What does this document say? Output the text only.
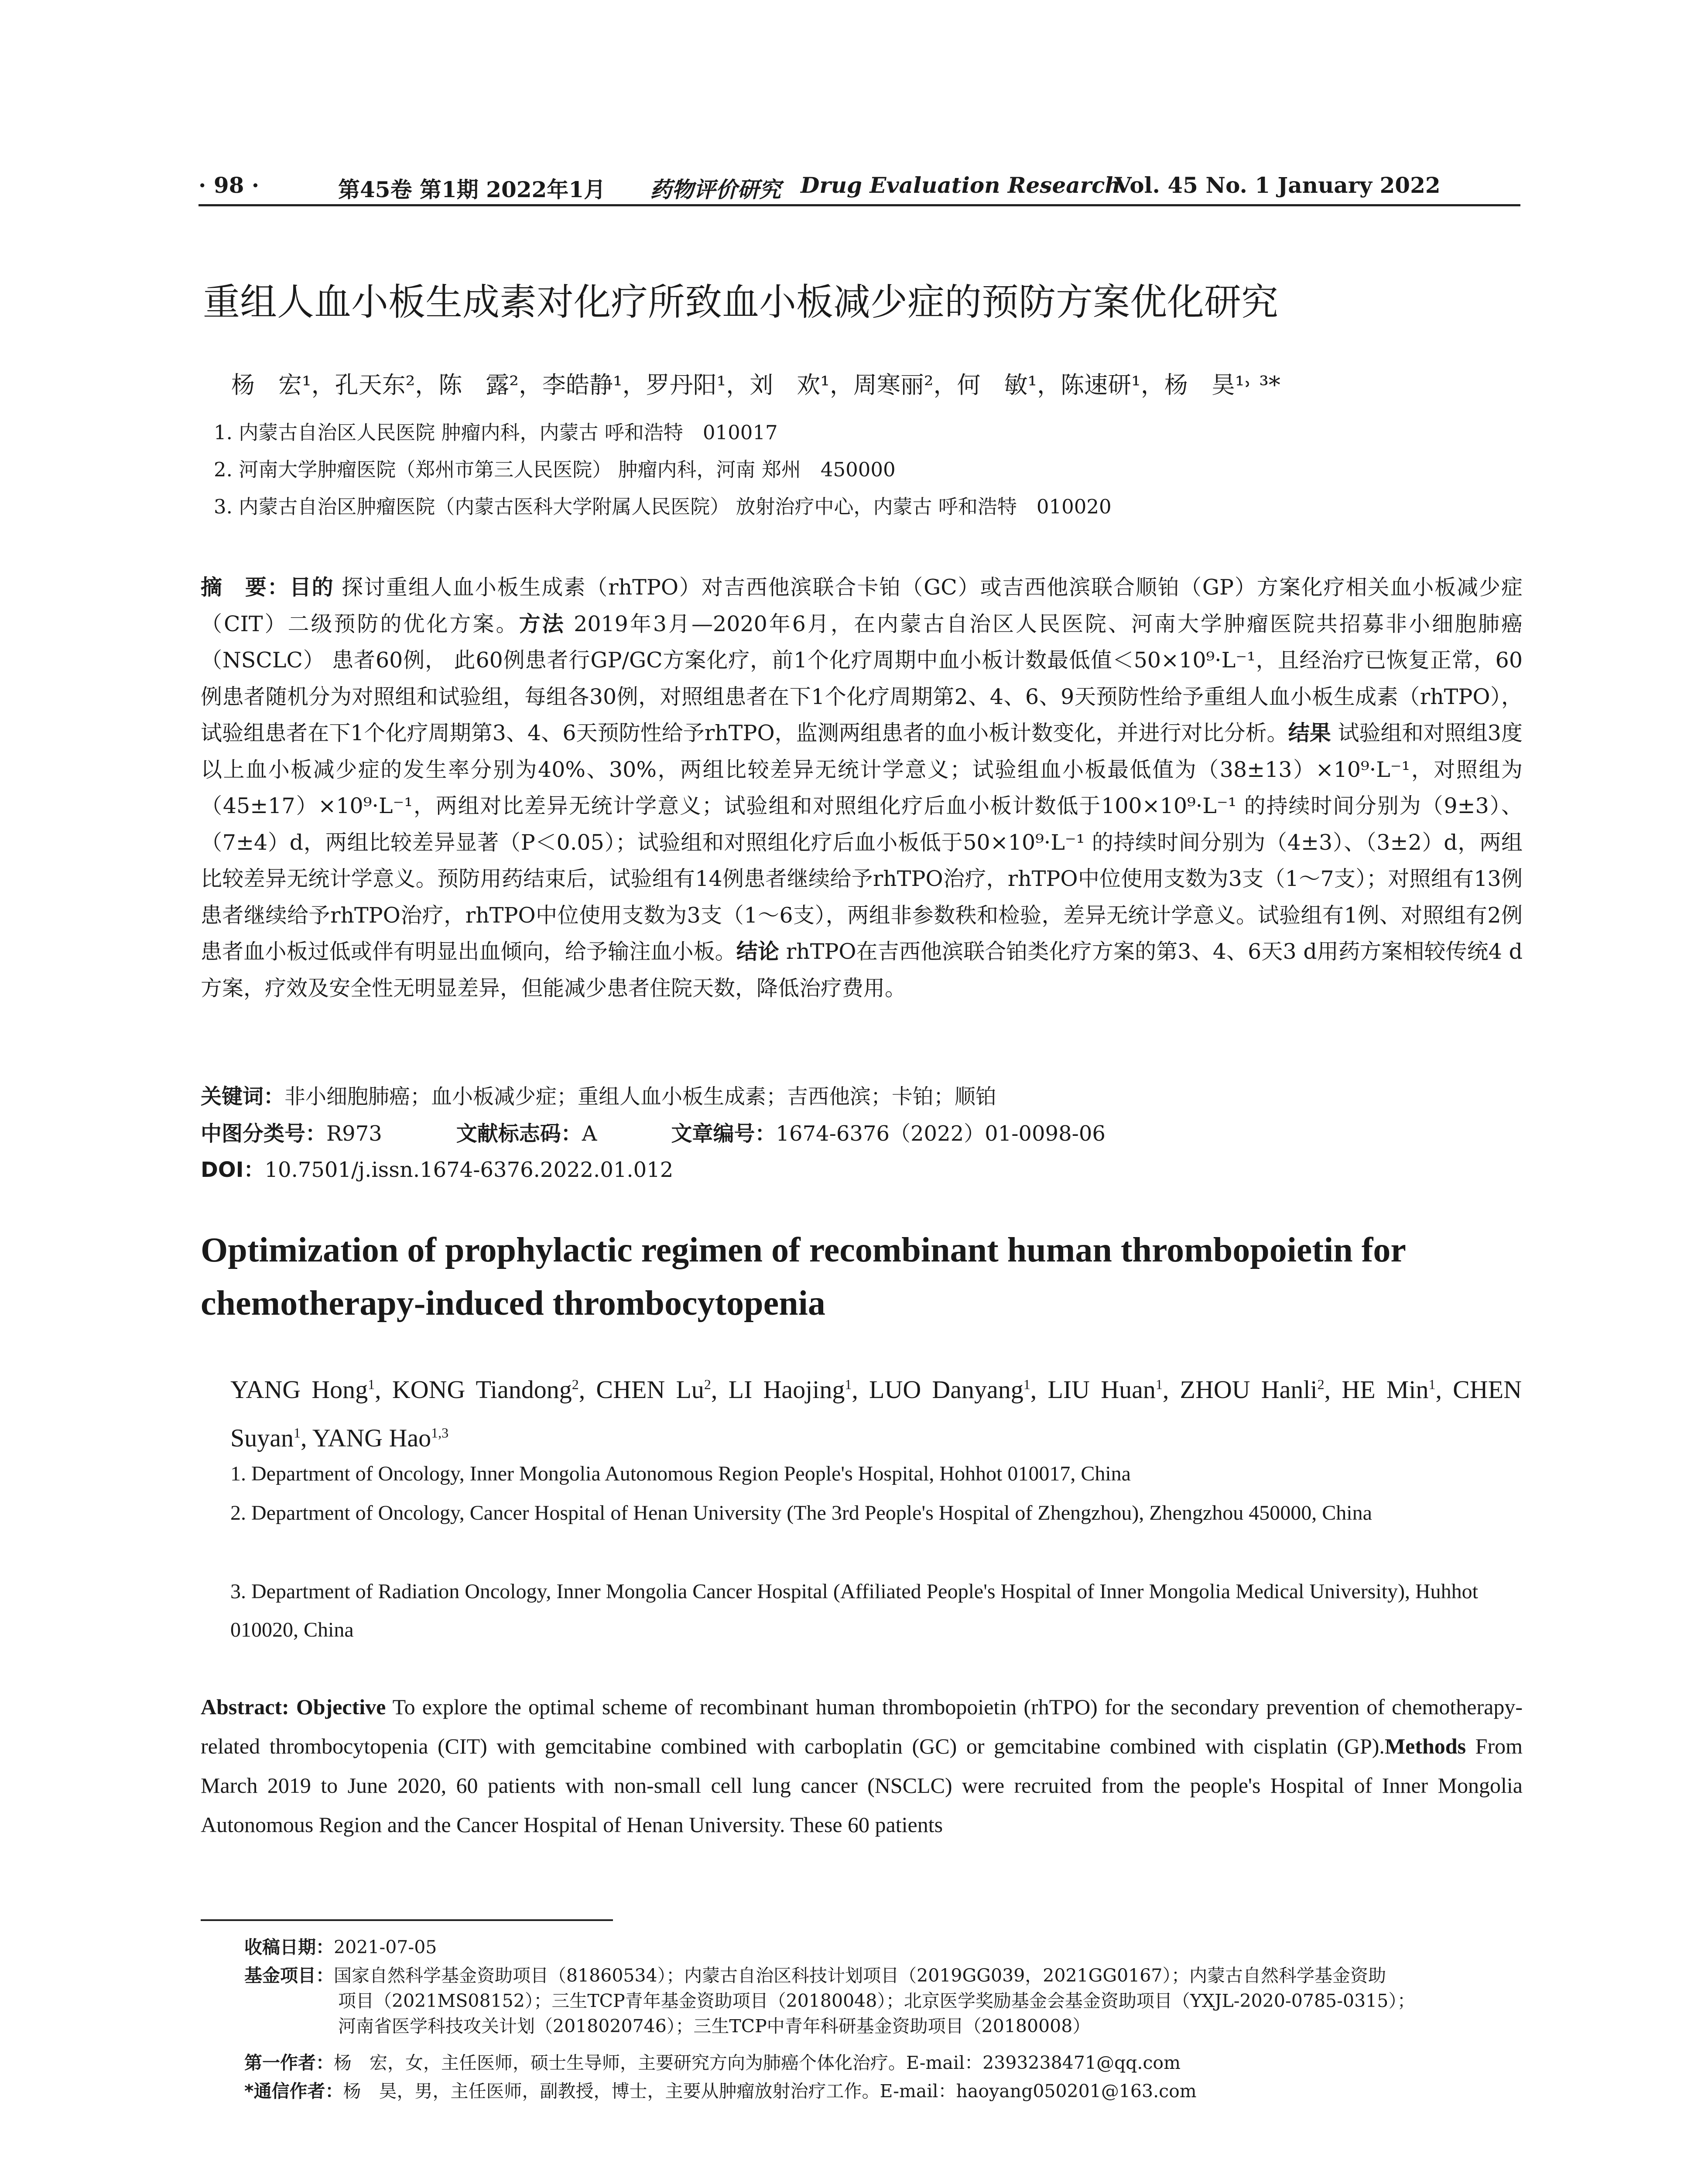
· 98 ·	第45卷 第1期 2022年1月 药物评价研究 Drug Evaluation Research
Vol. 45 No. 1 January 2022
重组人血小板生成素对化疗所致血小板减少症的预防方案优化研究
杨　宏¹，孔天东²，陈　露²，李皓静¹，罗丹阳¹，刘　欢¹，周寒丽²，何　敏¹，陈速研¹，杨　昊¹˒ ³*
1. 内蒙古自治区人民医院 肿瘤内科，内蒙古 呼和浩特　010017
2. 河南大学肿瘤医院（郑州市第三人民医院） 肿瘤内科，河南 郑州　450000
3. 内蒙古自治区肿瘤医院（内蒙古医科大学附属人民医院） 放射治疗中心，内蒙古 呼和浩特　010020
摘　要：目的 探讨重组人血小板生成素（rhTPO）对吉西他滨联合卡铂（GC）或吉西他滨联合顺铂（GP）方案化疗相关血小板减少症（CIT）二级预防的优化方案。方法 2019年3月—2020年6月，在内蒙古自治区人民医院、河南大学肿瘤医院共招募非小细胞肺癌（NSCLC） 患者60例， 此60例患者行GP/GC方案化疗，前1个化疗周期中血小板计数最低值＜50×10⁹·L⁻¹，且经治疗已恢复正常，60例患者随机分为对照组和试验组，每组各30例，对照组患者在下1个化疗周期第2、4、6、9天预防性给予重组人血小板生成素（rhTPO），试验组患者在下1个化疗周期第3、4、6天预防性给予rhTPO，监测两组患者的血小板计数变化，并进行对比分析。结果 试验组和对照组3度以上血小板减少症的发生率分别为40%、30%，两组比较差异无统计学意义；试验组血小板最低值为（38±13）×10⁹·L⁻¹，对照组为（45±17）×10⁹·L⁻¹，两组对比差异无统计学意义；试验组和对照组化疗后血小板计数低于100×10⁹·L⁻¹ 的持续时间分别为（9±3）、（7±4）d，两组比较差异显著（P＜0.05）；试验组和对照组化疗后血小板低于50×10⁹·L⁻¹ 的持续时间分别为（4±3）、（3±2）d，两组比较差异无统计学意义。预防用药结束后，试验组有14例患者继续给予rhTPO治疗，rhTPO中位使用支数为3支（1～7支）；对照组有13例患者继续给予rhTPO治疗，rhTPO中位使用支数为3支（1～6支），两组非参数秩和检验，差异无统计学意义。试验组有1例、对照组有2例患者血小板过低或伴有明显出血倾向，给予输注血小板。结论 rhTPO在吉西他滨联合铂类化疗方案的第3、4、6天3 d用药方案相较传统4 d方案，疗效及安全性无明显差异，但能减少患者住院天数，降低治疗费用。
关键词：非小细胞肺癌；血小板减少症；重组人血小板生成素；吉西他滨；卡铂；顺铂
中图分类号：R973	文献标志码：A	文章编号：1674-6376（2022）01-0098-06
DOI：10.7501/j.issn.1674-6376.2022.01.012
Optimization of prophylactic regimen of recombinant human thrombopoietin for chemotherapy-induced thrombocytopenia
YANG Hong$^1$, KONG Tiandong$^2$, CHEN Lu$^2$, LI Haojing$^1$, LUO Danyang$^1$, LIU Huan$^1$, ZHOU Hanli$^2$, HE Min$^1$, CHEN Suyan$^1$, YANG Hao$^{1,3}$
1. Department of Oncology, Inner Mongolia Autonomous Region People's Hospital, Hohhot 010017, China
2. Department of Oncology, Cancer Hospital of Henan University (The 3rd People's Hospital of Zhengzhou), Zhengzhou 450000, China
3. Department of Radiation Oncology, Inner Mongolia Cancer Hospital (Affiliated People's Hospital of Inner Mongolia Medical University), Huhhot 010020, China
Abstract: Objective To explore the optimal scheme of recombinant human thrombopoietin (rhTPO) for the secondary prevention of chemotherapy-related thrombocytopenia (CIT) with gemcitabine combined with carboplatin (GC) or gemcitabine combined with cisplatin (GP).Methods From March 2019 to June 2020, 60 patients with non-small cell lung cancer (NSCLC) were recruited from the people's Hospital of Inner Mongolia Autonomous Region and the Cancer Hospital of Henan University. These 60 patients
收稿日期：2021-07-05
基金项目：国家自然科学基金资助项目（81860534）；内蒙古自治区科技计划项目（2019GG039，2021GG0167）；内蒙古自然科学基金资助
项目（2021MS08152）；三生TCP青年基金资助项目（20180048）；北京医学奖励基金会基金资助项目（YXJL-2020-0785-0315）；
河南省医学科技攻关计划（2018020746）；三生TCP中青年科研基金资助项目（20180008）
第一作者：杨　宏，女，主任医师，硕士生导师，主要研究方向为肺癌个体化治疗。E-mail：2393238471@qq.com
*通信作者：杨　昊，男，主任医师，副教授，博士，主要从肿瘤放射治疗工作。E-mail：haoyang050201@163.com
